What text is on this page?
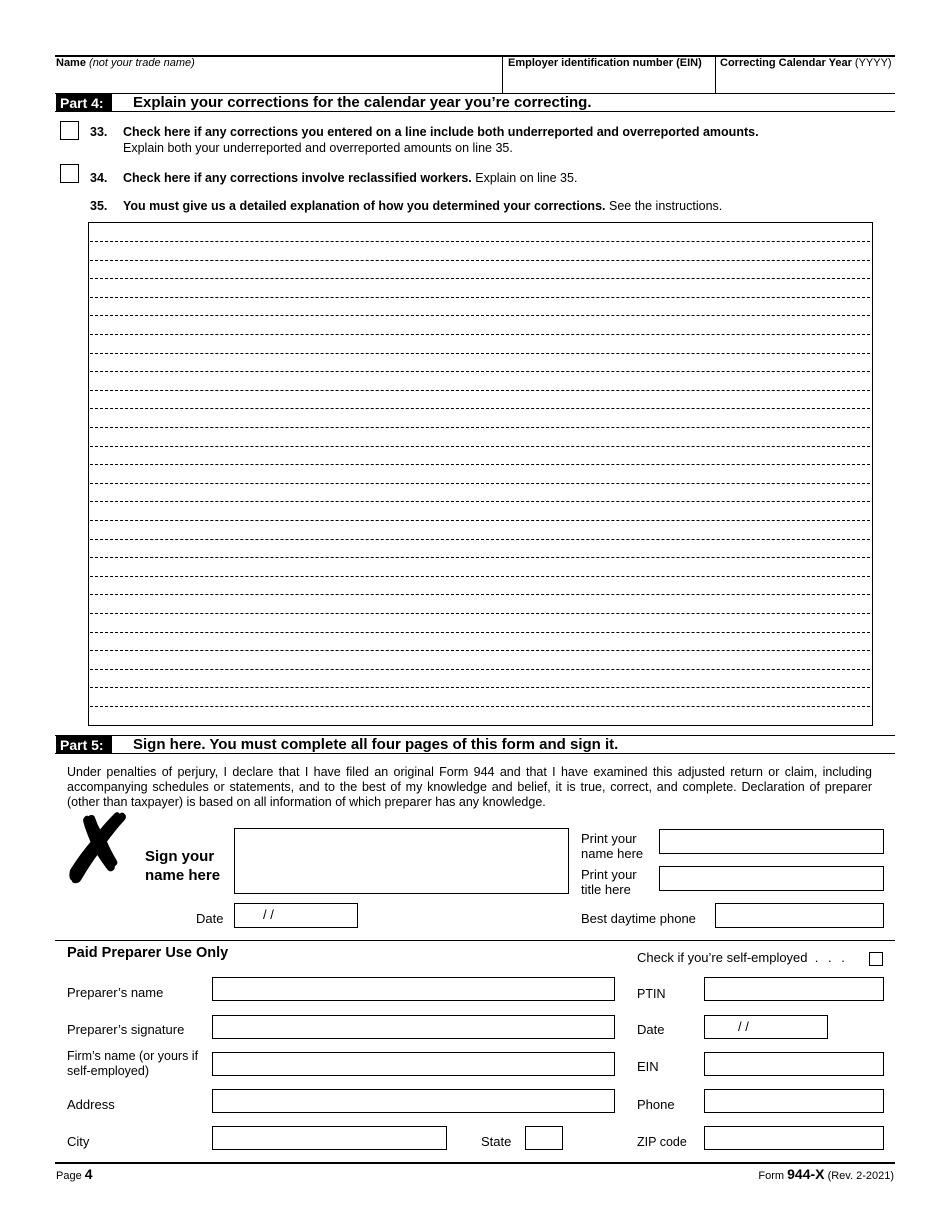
Name (not your trade name)	Employer identification number (EIN) Correcting Calendar Year (YYYY)
Part 4:	Explain your corrections for the calendar year you’re correcting.
33. Check here if any corrections you entered on a line include both underreported and overreported amounts.
Explain both your underreported and overreported amounts on line 35.
34. Check here if any corrections involve reclassified workers. Explain on line 35.
35. You must give us a detailed explanation of how you determined your corrections. See the instructions.
Part 5:	Sign here. You must complete all four pages of this form and sign it.
Under penalties of perjury, I declare that I have filed an original Form 944 and that I have examined this adjusted return or claim, including accompanying schedules or statements, and to the best of my knowledge and belief, it is true, correct, and complete. Declaration of preparer (other than taxpayer) is based on all information of which preparer has any knowledge.
✗ Sign your
name here
Print your
name here
Print your
title here
Date	/ /	Best daytime phone
Paid Preparer Use Only	Check if you’re self-employed . . .
Preparer’s name	PTIN
Preparer’s signature	Date	/ /
Firm’s name (or yours if
self-employed)	EIN
Address	Phone
City	State	ZIP code
Page 4	Form 944-X (Rev. 2-2021)
